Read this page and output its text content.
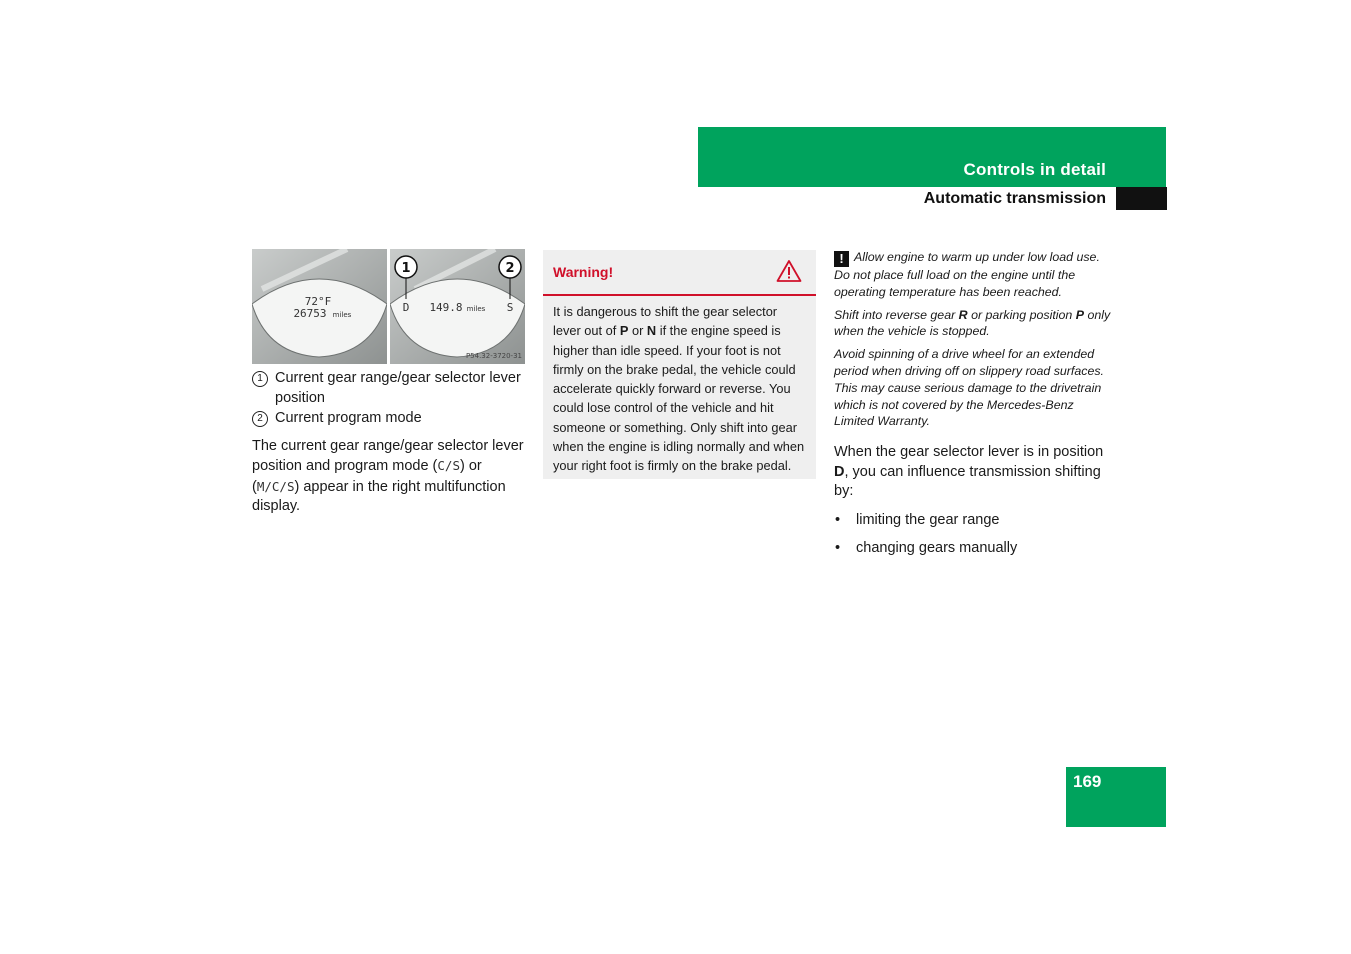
Controls in detail
Automatic transmission
72°F
26753 miles
149.8 miles
D	S
1	2
P54.32-3720-31
1 Current gear range/gear selector lever position
2 Current program mode

The current gear range/gear selector lever position and program mode (C/S) or (M/C/S) appear in the right multifunction display.

Warning!
It is dangerous to shift the gear selector lever out of P or N if the engine speed is higher than idle speed. If your foot is not firmly on the brake pedal, the vehicle could accelerate quickly forward or reverse. You could lose control of the vehicle and hit someone or something. Only shift into gear when the engine is idling normally and when your right foot is firmly on the brake pedal.

! Allow engine to warm up under low load use. Do not place full load on the engine until the operating temperature has been reached.

Shift into reverse gear R or parking position P only when the vehicle is stopped.

Avoid spinning of a drive wheel for an extended period when driving off on slippery road surfaces. This may cause serious damage to the drivetrain which is not covered by the Mercedes-Benz Limited Warranty.

When the gear selector lever is in position D, you can influence transmission shifting by:

• limiting the gear range
• changing gears manually
169
